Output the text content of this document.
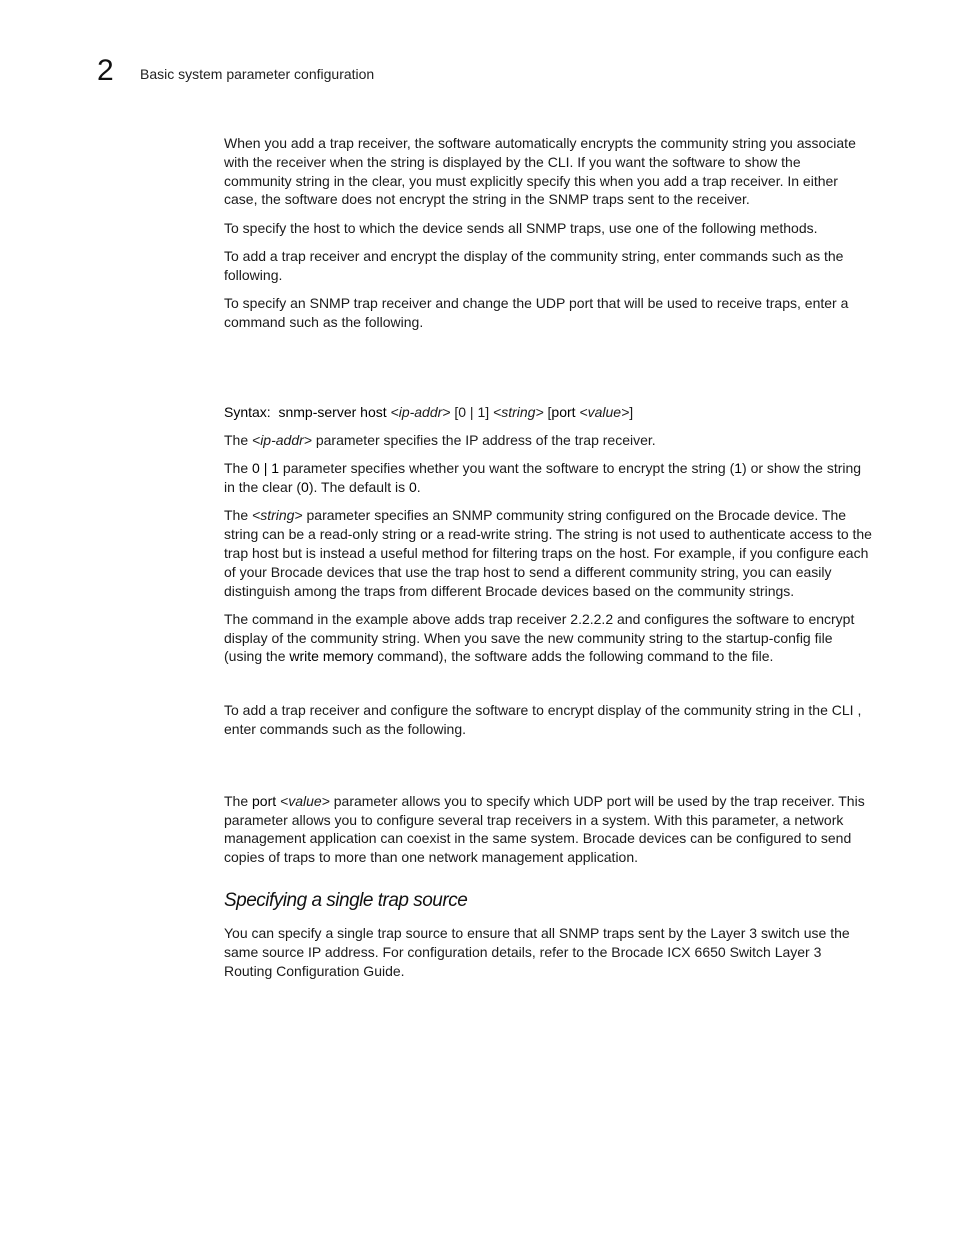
2 Basic system parameter configuration

When you add a trap receiver, the software automatically encrypts the community string you associate with the receiver when the string is displayed by the CLI. If you want the software to show the community string in the clear, you must explicitly specify this when you add a trap receiver. In either case, the software does not encrypt the string in the SNMP traps sent to the receiver.

To specify the host to which the device sends all SNMP traps, use one of the following methods.

To add a trap receiver and encrypt the display of the community string, enter commands such as the following.

To specify an SNMP trap receiver and change the UDP port that will be used to receive traps, enter a command such as the following.

Syntax: snmp-server host <ip-addr> [0 | 1] <string> [port <value>]

The <ip-addr> parameter specifies the IP address of the trap receiver.

The 0 | 1 parameter specifies whether you want the software to encrypt the string (1) or show the string in the clear (0). The default is 0.

The <string> parameter specifies an SNMP community string configured on the Brocade device. The string can be a read-only string or a read-write string. The string is not used to authenticate access to the trap host but is instead a useful method for filtering traps on the host. For example, if you configure each of your Brocade devices that use the trap host to send a different community string, you can easily distinguish among the traps from different Brocade devices based on the community strings.

The command in the example above adds trap receiver 2.2.2.2 and configures the software to encrypt display of the community string. When you save the new community string to the startup-config file (using the write memory command), the software adds the following command to the file.

To add a trap receiver and configure the software to encrypt display of the community string in the CLI , enter commands such as the following.

The port <value> parameter allows you to specify which UDP port will be used by the trap receiver. This parameter allows you to configure several trap receivers in a system. With this parameter, a network management application can coexist in the same system. Brocade devices can be configured to send copies of traps to more than one network management application.

Specifying a single trap source

You can specify a single trap source to ensure that all SNMP traps sent by the Layer 3 switch use the same source IP address. For configuration details, refer to the Brocade ICX 6650 Switch Layer 3 Routing Configuration Guide.
